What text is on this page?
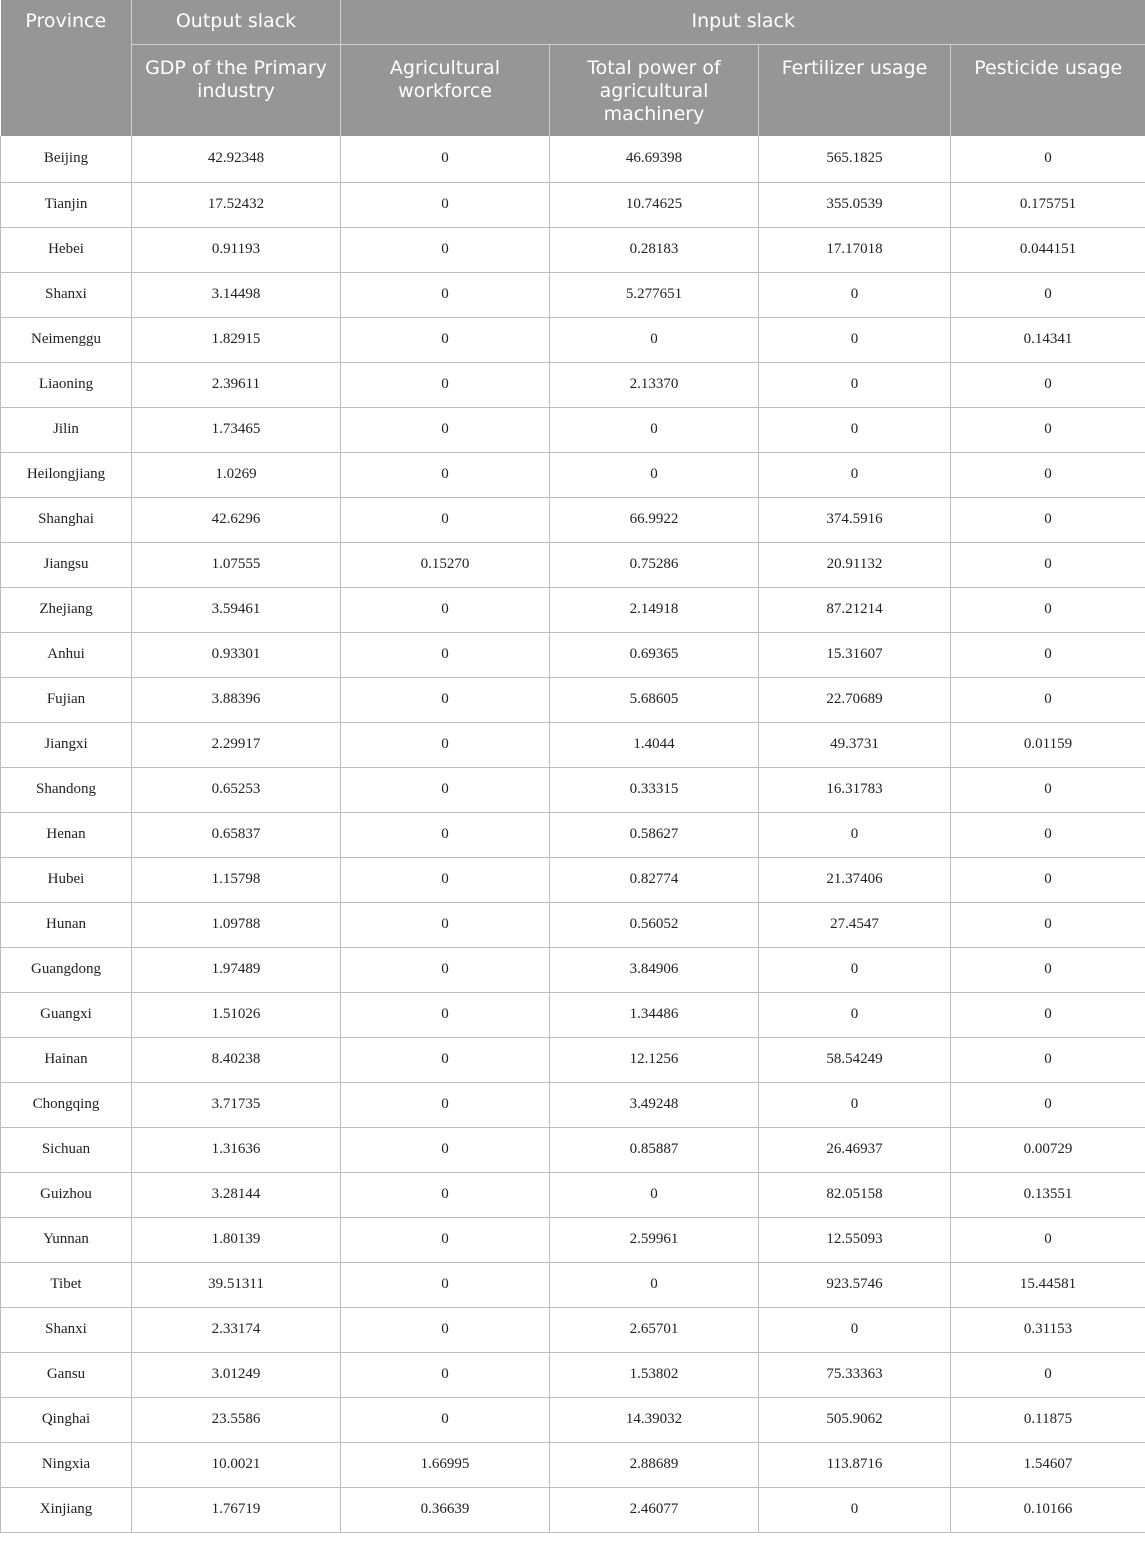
Province	Output slack	Input slack			
	GDP of the Primary industry	Agricultural workforce	Total power of agricultural machinery	Fertilizer usage	Pesticide usage
Beijing	42.92348	0	46.69398	565.1825	0
Tianjin	17.52432	0	10.74625	355.0539	0.175751
Hebei	0.91193	0	0.28183	17.17018	0.044151
Shanxi	3.14498	0	5.277651	0	0
Neimenggu	1.82915	0	0	0	0.14341
Liaoning	2.39611	0	2.13370	0	0
Jilin	1.73465	0	0	0	0
Heilongjiang	1.0269	0	0	0	0
Shanghai	42.6296	0	66.9922	374.5916	0
Jiangsu	1.07555	0.15270	0.75286	20.91132	0
Zhejiang	3.59461	0	2.14918	87.21214	0
Anhui	0.93301	0	0.69365	15.31607	0
Fujian	3.88396	0	5.68605	22.70689	0
Jiangxi	2.29917	0	1.4044	49.3731	0.01159
Shandong	0.65253	0	0.33315	16.31783	0
Henan	0.65837	0	0.58627	0	0
Hubei	1.15798	0	0.82774	21.37406	0
Hunan	1.09788	0	0.56052	27.4547	0
Guangdong	1.97489	0	3.84906	0	0
Guangxi	1.51026	0	1.34486	0	0
Hainan	8.40238	0	12.1256	58.54249	0
Chongqing	3.71735	0	3.49248	0	0
Sichuan	1.31636	0	0.85887	26.46937	0.00729
Guizhou	3.28144	0	0	82.05158	0.13551
Yunnan	1.80139	0	2.59961	12.55093	0
Tibet	39.51311	0	0	923.5746	15.44581
Shanxi	2.33174	0	2.65701	0	0.31153
Gansu	3.01249	0	1.53802	75.33363	0
Qinghai	23.5586	0	14.39032	505.9062	0.11875
Ningxia	10.0021	1.66995	2.88689	113.8716	1.54607
Xinjiang	1.76719	0.36639	2.46077	0	0.10166
